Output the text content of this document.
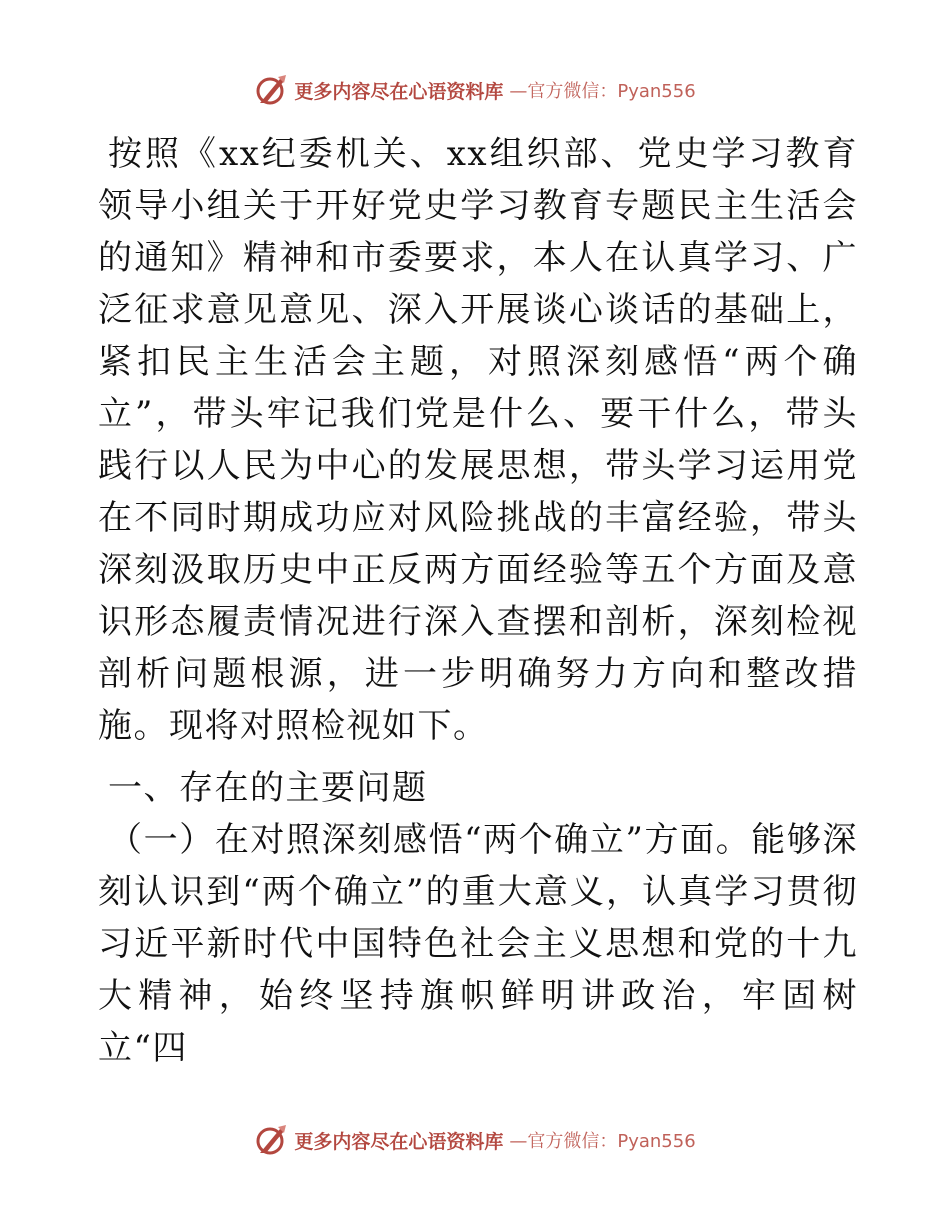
更多内容尽在心语资料库 —官方微信：Pyan556

按照《xx纪委机关、xx组织部、党史学习教育领导小组关于开好党史学习教育专题民主生活会的通知》精神和市委要求，本人在认真学习、广泛征求意见意见、深入开展谈心谈话的基础上，紧扣民主生活会主题，对照深刻感悟“两个确立”，带头牢记我们党是什么、要干什么，带头践行以人民为中心的发展思想，带头学习运用党在不同时期成功应对风险挑战的丰富经验，带头深刻汲取历史中正反两方面经验等五个方面及意识形态履责情况进行深入查摆和剖析，深刻检视剖析问题根源，进一步明确努力方向和整改措施。现将对照检视如下。

一、存在的主要问题

（一）在对照深刻感悟“两个确立”方面。能够深刻认识到“两个确立”的重大意义，认真学习贯彻习近平新时代中国特色社会主义思想和党的十九大精神，始终坚持旗帜鲜明讲政治，牢固树立“四

更多内容尽在心语资料库 —官方微信：Pyan556
